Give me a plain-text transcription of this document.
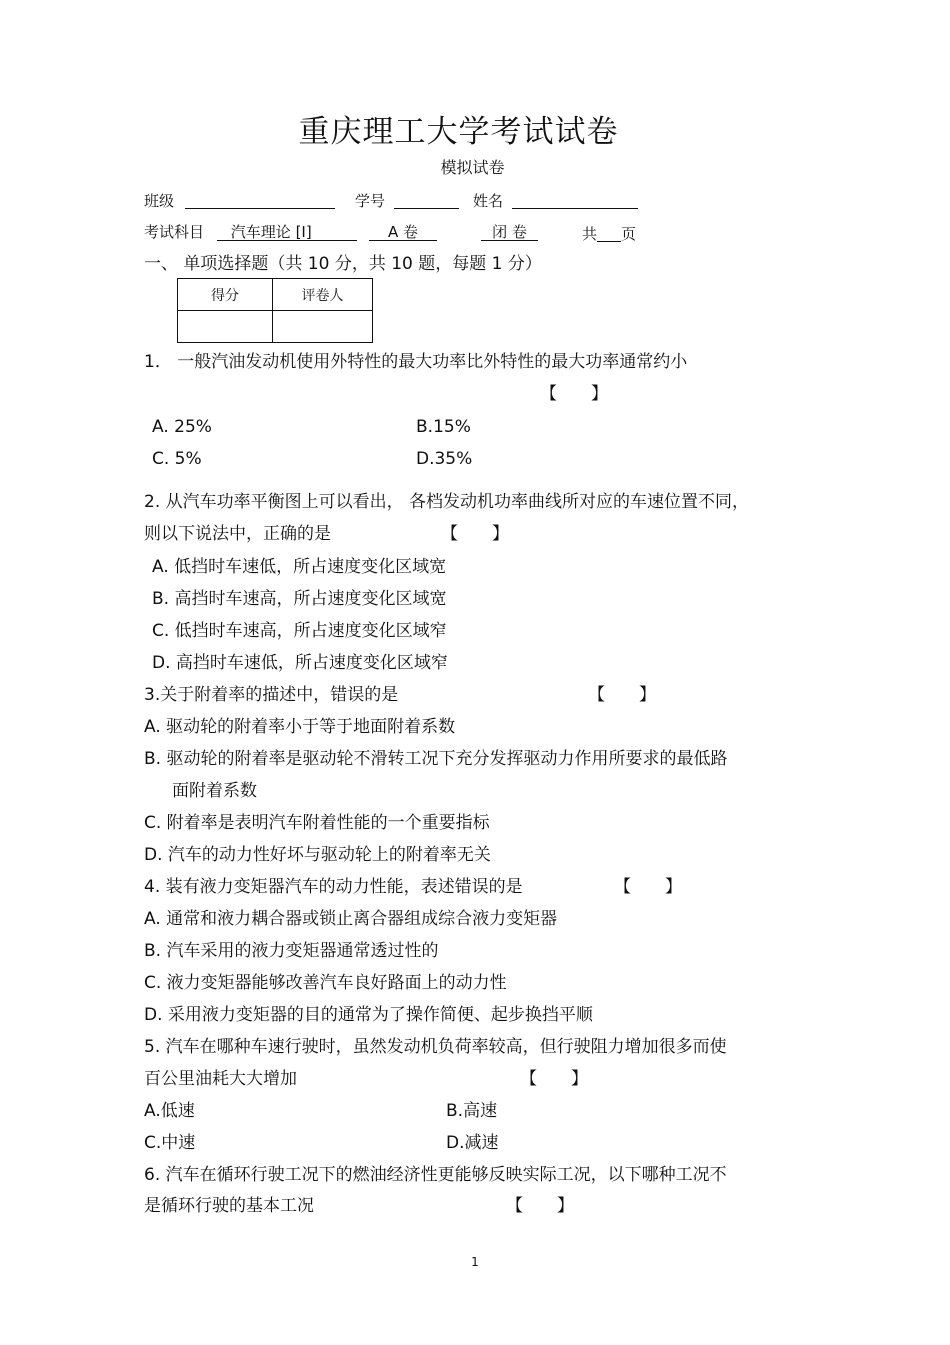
重庆理工大学考试试卷
模拟试卷
班级	学号	姓名
考试科目 汽车理论 [I]	A 卷	闭 卷	共 页
一、 单项选择题（共 10 分，共 10 题，每题 1 分）
得分	评卷人

1． 一般汽油发动机使用外特性的最大功率比外特性的最大功率通常约小
【　　】
A. 25%	B.15%
C. 5%	D.35%
2. 从汽车功率平衡图上可以看出， 各档发动机功率曲线所对应的车速位置不同，
则以下说法中，正确的是	【　　】
A. 低挡时车速低，所占速度变化区域宽
B. 高挡时车速高，所占速度变化区域宽
C. 低挡时车速高，所占速度变化区域窄
D. 高挡时车速低，所占速度变化区域窄
3.关于附着率的描述中，错误的是	【　　】
A. 驱动轮的附着率小于等于地面附着系数
B. 驱动轮的附着率是驱动轮不滑转工况下充分发挥驱动力作用所要求的最低路
面附着系数
C. 附着率是表明汽车附着性能的一个重要指标
D. 汽车的动力性好坏与驱动轮上的附着率无关
4. 装有液力变矩器汽车的动力性能，表述错误的是	【　　】
A. 通常和液力耦合器或锁止离合器组成综合液力变矩器
B. 汽车采用的液力变矩器通常透过性的
C. 液力变矩器能够改善汽车良好路面上的动力性
D. 采用液力变矩器的目的通常为了操作简便、起步换挡平顺
5. 汽车在哪种车速行驶时，虽然发动机负荷率较高，但行驶阻力增加很多而使
百公里油耗大大增加	【　　】
A.低速	B.高速
C.中速	D.减速
6. 汽车在循环行驶工况下的燃油经济性更能够反映实际工况，以下哪种工况不
是循环行驶的基本工况	【　　】
1
